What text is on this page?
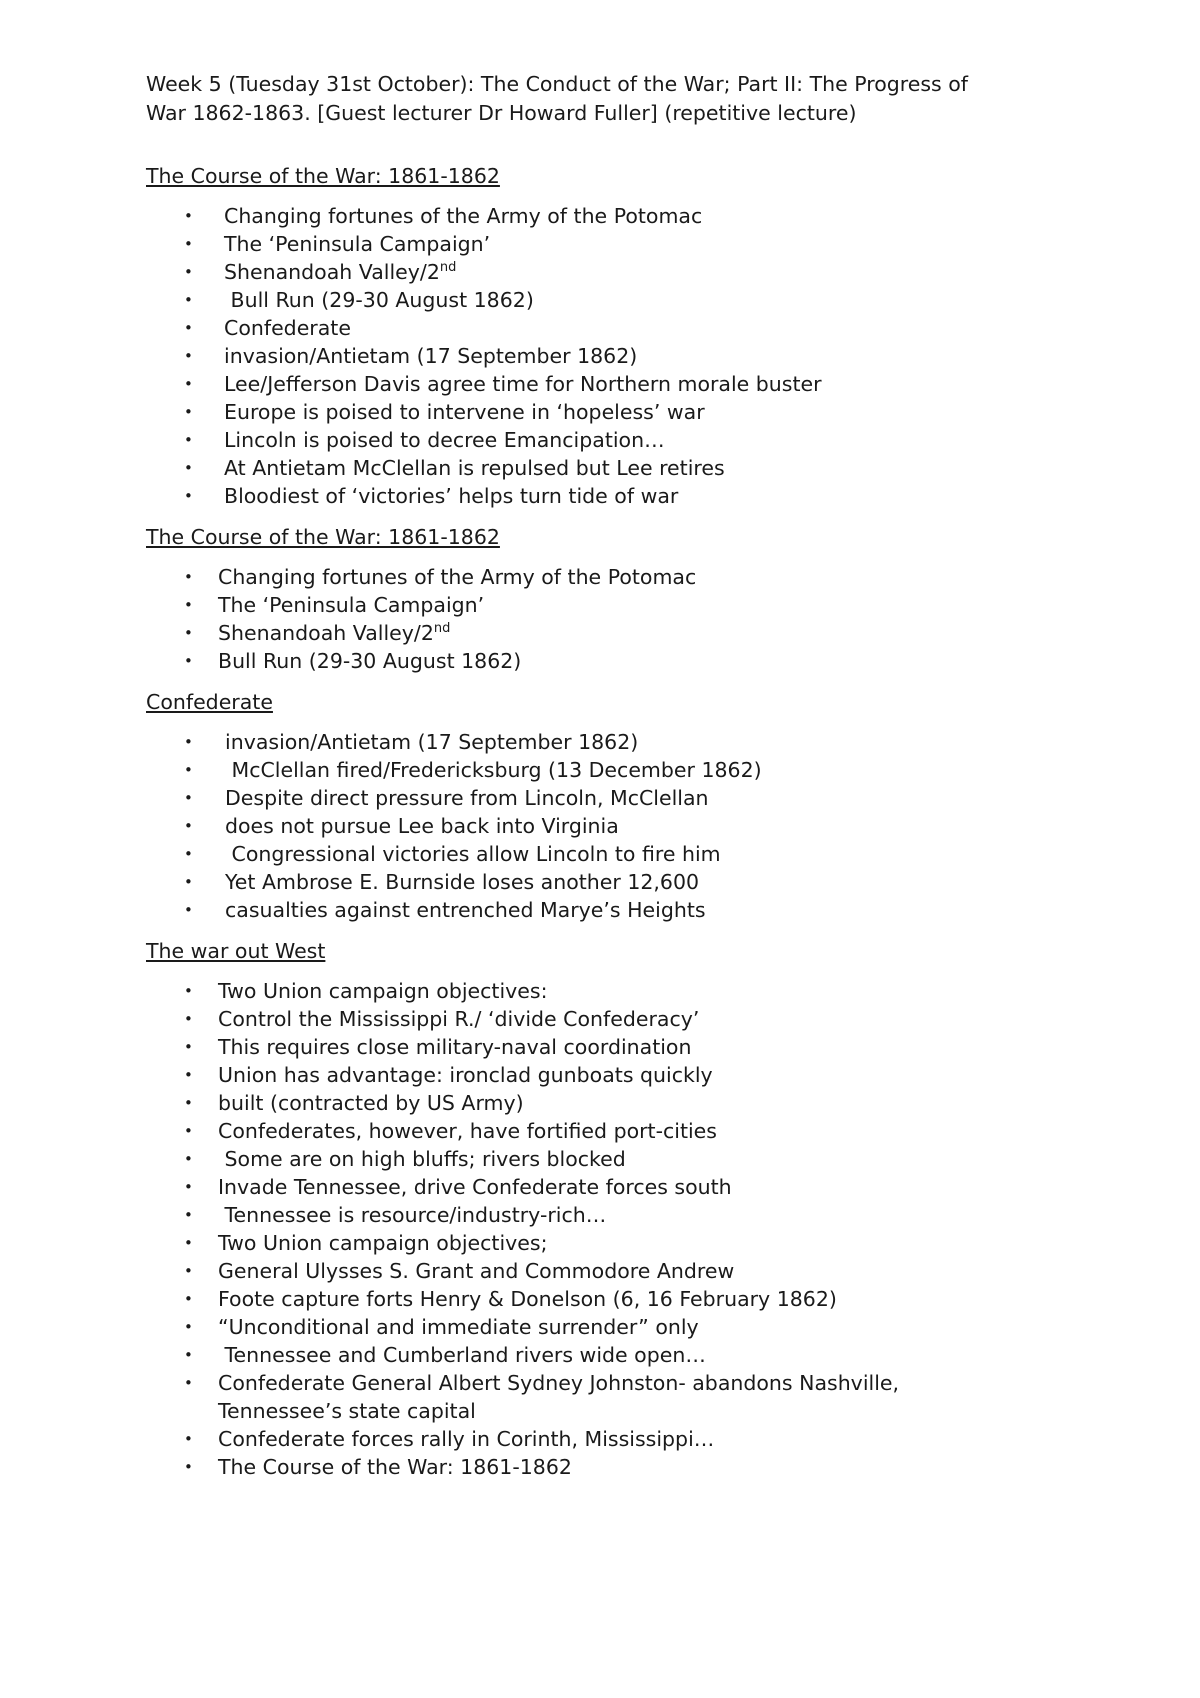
Week 5 (Tuesday 31st October): The Conduct of the War; Part II: The Progress of
War 1862-1863. [Guest lecturer Dr Howard Fuller] (repetitive lecture)

The Course of the War: 1861-1862
• Changing fortunes of the Army of the Potomac
• The ‘Peninsula Campaign’
• Shenandoah Valley/2nd
• Bull Run (29-30 August 1862)
• Confederate
• invasion/Antietam (17 September 1862)
• Lee/Jefferson Davis agree time for Northern morale buster
• Europe is poised to intervene in ‘hopeless’ war
• Lincoln is poised to decree Emancipation…
• At Antietam McClellan is repulsed but Lee retires
• Bloodiest of ‘victories’ helps turn tide of war
The Course of the War: 1861-1862
• Changing fortunes of the Army of the Potomac
• The ‘Peninsula Campaign’
• Shenandoah Valley/2nd
• Bull Run (29-30 August 1862)
Confederate
• invasion/Antietam (17 September 1862)
• McClellan fired/Fredericksburg (13 December 1862)
• Despite direct pressure from Lincoln, McClellan
• does not pursue Lee back into Virginia
• Congressional victories allow Lincoln to fire him
• Yet Ambrose E. Burnside loses another 12,600
• casualties against entrenched Marye’s Heights
The war out West
• Two Union campaign objectives:
• Control the Mississippi R./ ‘divide Confederacy’
• This requires close military-naval coordination
• Union has advantage: ironclad gunboats quickly
• built (contracted by US Army)
• Confederates, however, have fortified port-cities
• Some are on high bluffs; rivers blocked
• Invade Tennessee, drive Confederate forces south
• Tennessee is resource/industry-rich…
• Two Union campaign objectives;
• General Ulysses S. Grant and Commodore Andrew
• Foote capture forts Henry & Donelson (6, 16 February 1862)
• “Unconditional and immediate surrender” only
• Tennessee and Cumberland rivers wide open…
• Confederate General Albert Sydney Johnston- abandons Nashville,
Tennessee’s state capital
• Confederate forces rally in Corinth, Mississippi…
• The Course of the War: 1861-1862
